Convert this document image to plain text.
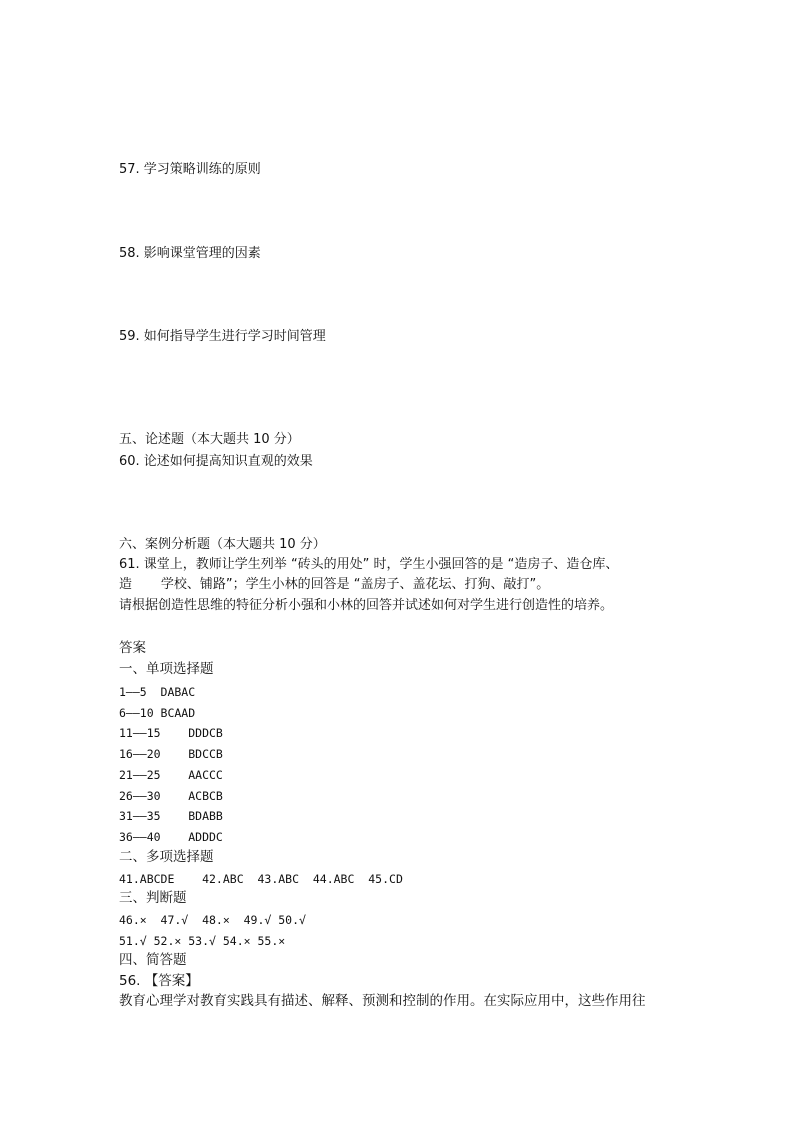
57. 学习策略训练的原则
58. 影响课堂管理的因素
59. 如何指导学生进行学习时间管理
五、论述题（本大题共 10 分）
60. 论述如何提高知识直观的效果
六、案例分析题（本大题共 10 分）
61. 课堂上，教师让学生列举 “砖头的用处” 时，学生小强回答的是 “造房子、造仓库、
造       学校、铺路”；学生小林的回答是 “盖房子、盖花坛、打狗、敲打”。
请根据创造性思维的特征分析小强和小林的回答并试述如何对学生进行创造性的培养。
答案
一、单项选择题
1——5  DABAC
6——10 BCAAD
11——15    DDDCB
16——20    BDCCB
21——25    AACCC
26——30    ACBCB
31——35    BDABB
36——40    ADDDC
二、多项选择题
41.ABCDE    42.ABC  43.ABC  44.ABC  45.CD
三、判断题
46.×  47.√  48.×  49.√ 50.√
51.√ 52.× 53.√ 54.× 55.×
四、简答题
56. 【答案】
教育心理学对教育实践具有描述、解释、预测和控制的作用。在实际应用中，这些作用往
